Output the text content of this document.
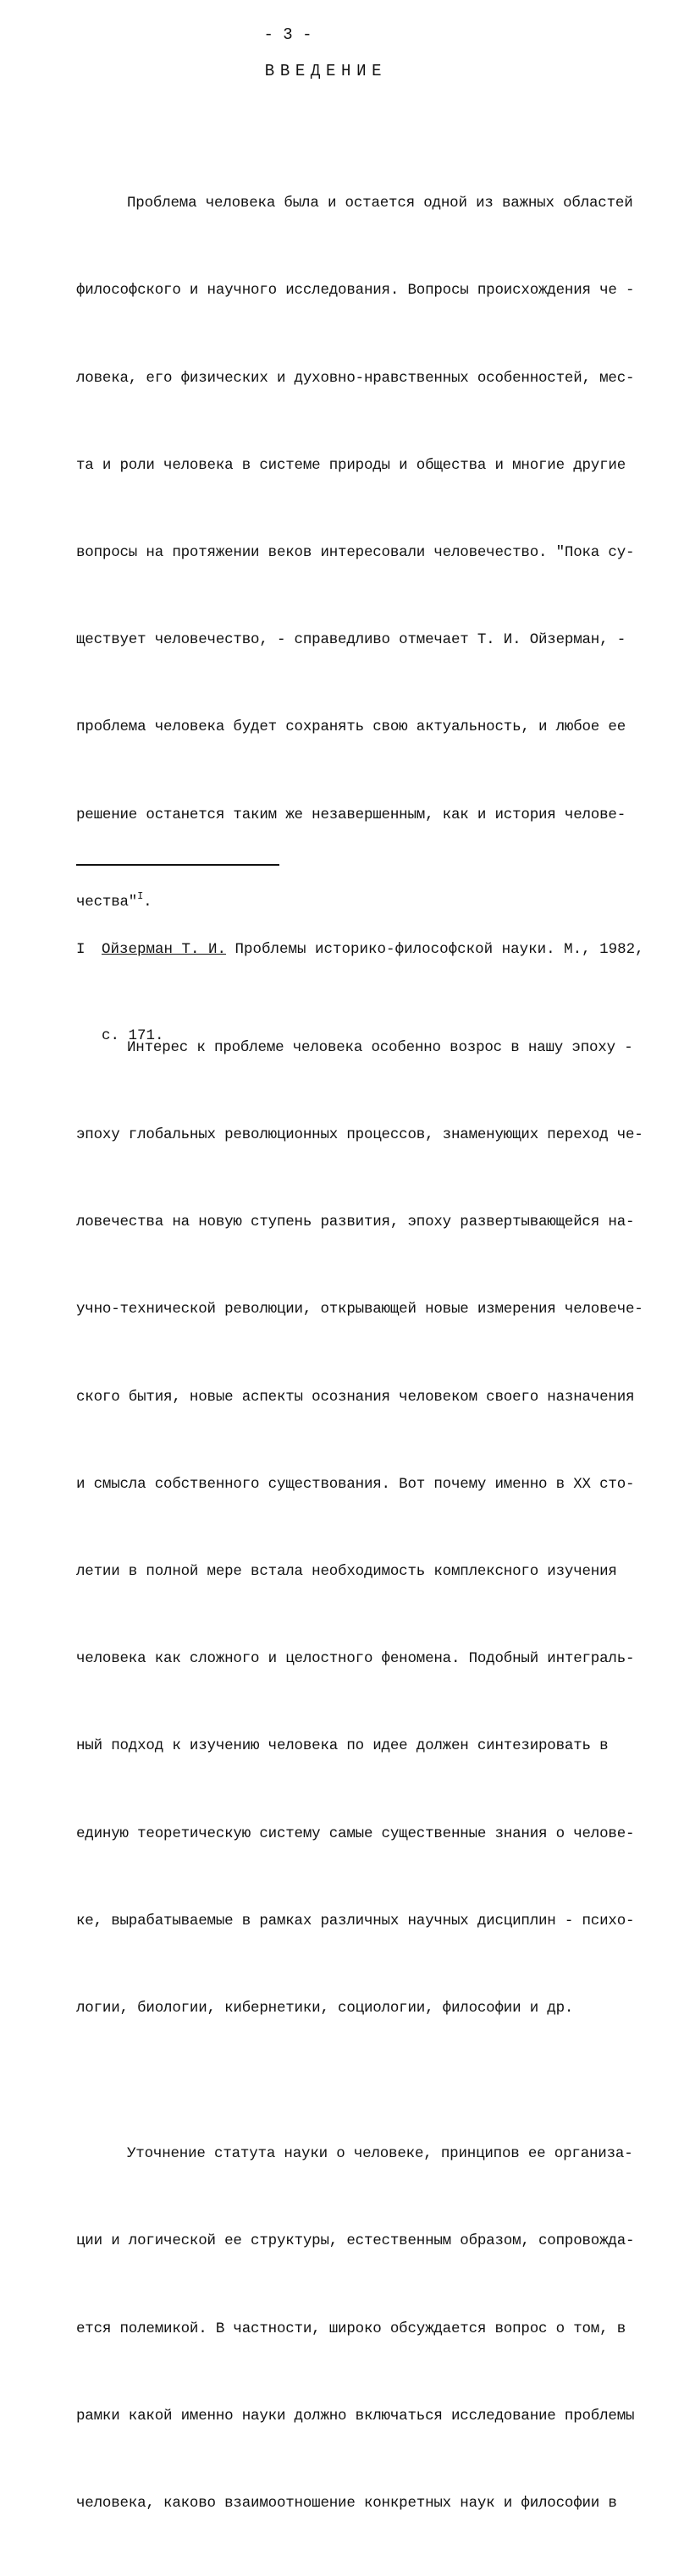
- 3 -
ВВЕДЕНИЕ

Проблема человека была и остается одной из важных областей

философского и научного исследования. Вопросы происхождения че -

ловека, его физических и духовно-нравственных особенностей, мес-

та и роли человека в системе природы и общества и многие другие

вопросы на протяжении веков интересовали человечество. "Пока су-

ществует человечество, - справедливо отмечает Т. И. Ойзерман, -

проблема человека будет сохранять свою актуальность, и любое ее

решение останется таким же незавершенным, как и история челове-

чества"$^I$.

Интерес к проблеме человека особенно возрос в нашу эпоху -

эпоху глобальных революционных процессов, знаменующих переход че-

ловечества на новую ступень развития, эпоху развертывающейся на-

учно-технической революции, открывающей новые измерения человече-

ского бытия, новые аспекты осознания человеком своего назначения

и смысла собственного существования. Вот почему именно в XX сто-

летии в полной мере встала необходимость комплексного изучения

человека как сложного и целостного феномена. Подобный интеграль-

ный подход к изучению человека по идее должен синтезировать в

единую теоретическую систему самые существенные знания о челове-

ке, вырабатываемые в рамках различных научных дисциплин - психо-

логии, биологии, кибернетики, социологии, философии и др.

Уточнение статута науки о человеке, принципов ее организа-

ции и логической ее структуры, естественным образом, сопровожда-

ется полемикой. В частности, широко обсуждается вопрос о том, в

рамки какой именно науки должно включаться исследование проблемы

человека, каково взаимоотношение конкретных наук и философии в

I Ойзерман Т. И. Проблемы историко-философской науки. М., 1982,

с. 171.
